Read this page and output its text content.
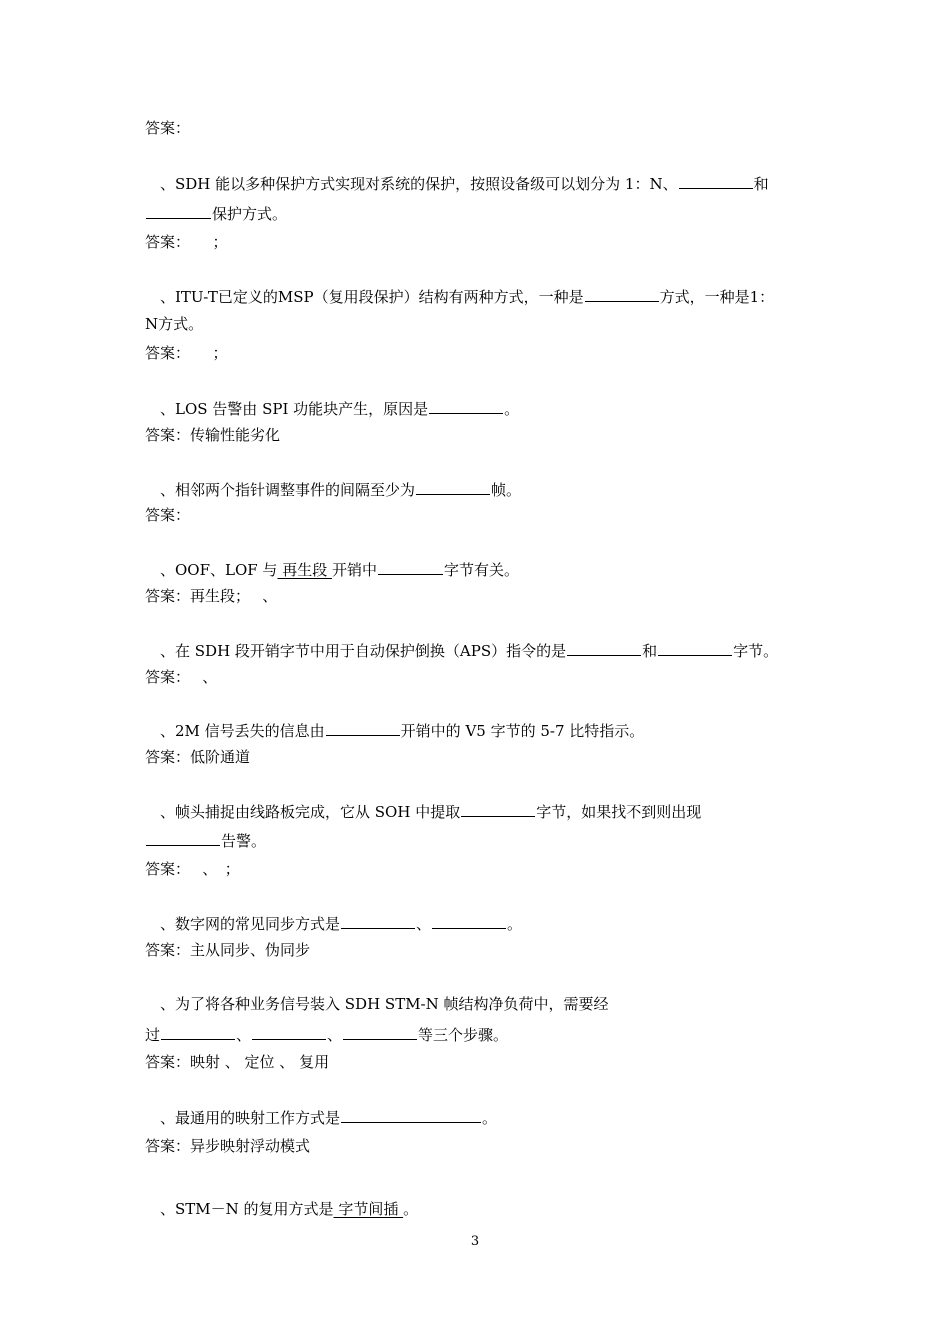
答案：
、SDH 能以多种保护方式实现对系统的保护，按照设备级可以划分为 1：N、	和
保护方式。
答案：　　；
、ITU-T已定义的MSP（复用段保护）结构有两种方式，一种是	方式，一种是1：
N方式。
答案：　　；
、LOS 告警由 SPI 功能块产生，原因是	。
答案：传输性能劣化
、相邻两个指针调整事件的间隔至少为	帧。
答案：
、OOF、LOF 与 再生段 开销中	字节有关。
答案：再生段；　 、
、在 SDH 段开销字节中用于自动保护倒换（APS）指令的是	和	字节。
答案：　 、
、2M 信号丢失的信息由	开销中的 V5 字节的 5-7 比特指示。
答案：低阶通道
、帧头捕捉由线路板完成，它从 SOH 中提取	字节，如果找不到则出现
告警。
答案：　 、　；
、数字网的常见同步方式是	、	。
答案：主从同步、伪同步
、为了将各种业务信号装入 SDH STM-N 帧结构净负荷中，需要经
过	、	、	等三个步骤。
答案：映射 、 定位 、 复用
、最通用的映射工作方式是	。
答案：异步映射浮动模式
、STM－N 的复用方式是 字节间插 。
3
